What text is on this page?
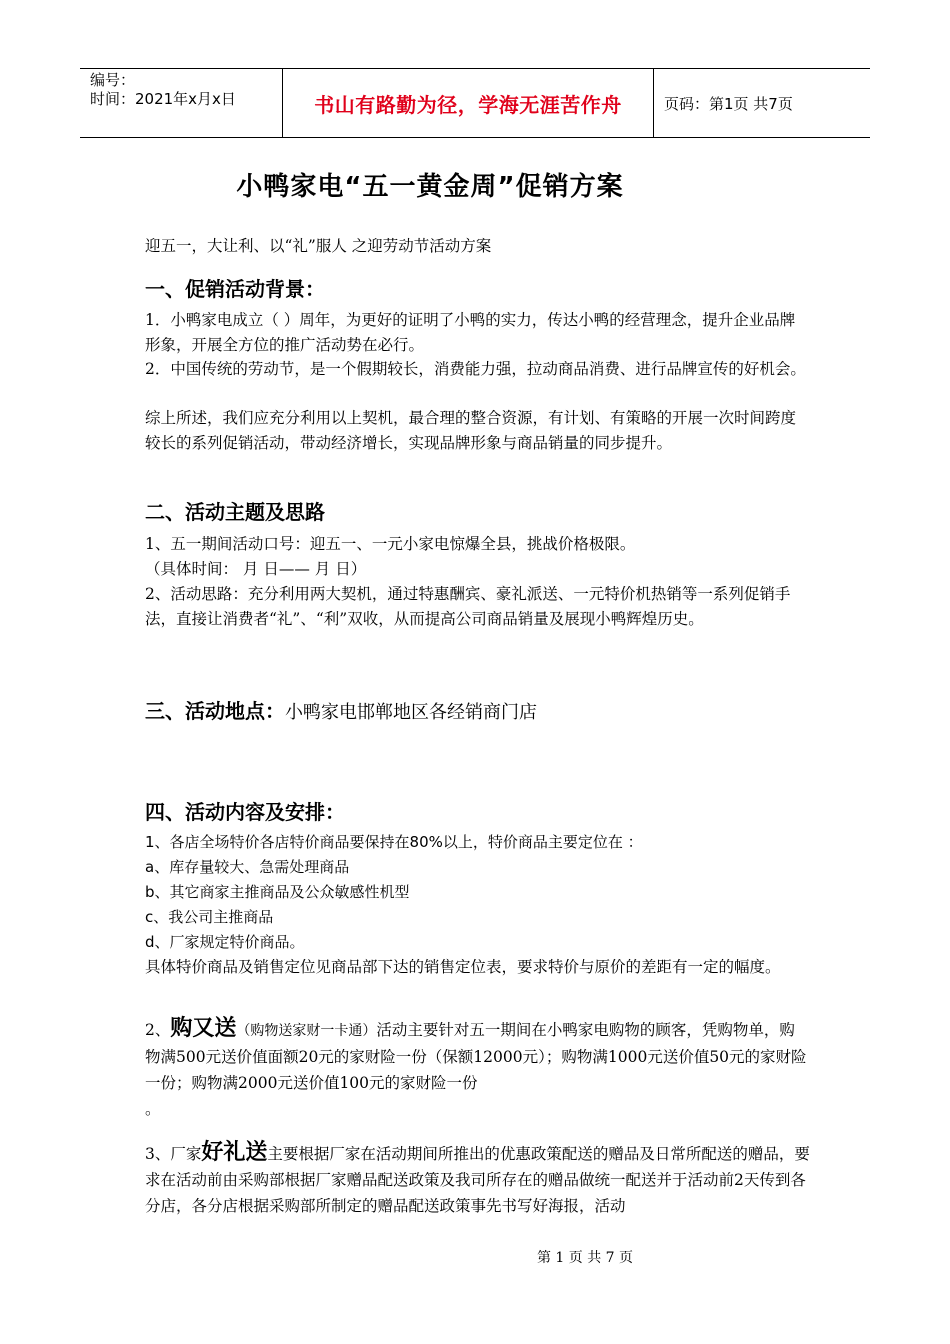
编号：
时间：2021年x月x日	书山有路勤为径，学海无涯苦作舟	页码：第1页 共7页
小鸭家电“五一黄金周”促销方案
迎五一，大让利、以“礼”服人 之迎劳动节活动方案
一、促销活动背景：
1．小鸭家电成立（ ）周年，为更好的证明了小鸭的实力，传达小鸭的经营理念，提升企业品牌形象，开展全方位的推广活动势在必行。
2．中国传统的劳动节，是一个假期较长，消费能力强，拉动商品消费、进行品牌宣传的好机会。
综上所述，我们应充分利用以上契机，最合理的整合资源，有计划、有策略的开展一次时间跨度较长的系列促销活动，带动经济增长，实现品牌形象与商品销量的同步提升。
二、活动主题及思路
1、五一期间活动口号：迎五一、一元小家电惊爆全县，挑战价格极限。
（具体时间： 月 日—— 月 日）
2、活动思路：充分利用两大契机，通过特惠酬宾、豪礼派送、一元特价机热销等一系列促销手法，直接让消费者“礼”、“利”双收，从而提高公司商品销量及展现小鸭辉煌历史。
三、活动地点：小鸭家电邯郸地区各经销商门店
四、活动内容及安排：
1、各店全场特价各店特价商品要保持在80%以上，特价商品主要定位在 ：
a、库存量较大、急需处理商品
b、其它商家主推商品及公众敏感性机型
c、我公司主推商品
d、厂家规定特价商品。
具体特价商品及销售定位见商品部下达的销售定位表，要求特价与原价的差距有一定的幅度。
2、购又送（购物送家财一卡通）活动主要针对五一期间在小鸭家电购物的顾客，凭购物单，购物满500元送价值面额20元的家财险一份（保额12000元）；购物满1000元送价值50元的家财险一份；购物满2000元送价值100元的家财险一份
。
3、厂家好礼送主要根据厂家在活动期间所推出的优惠政策配送的赠品及日常所配送的赠品，要求在活动前由采购部根据厂家赠品配送政策及我司所存在的赠品做统一配送并于活动前2天传到各分店，各分店根据采购部所制定的赠品配送政策事先书写好海报，活动
第 1 页 共 7 页
